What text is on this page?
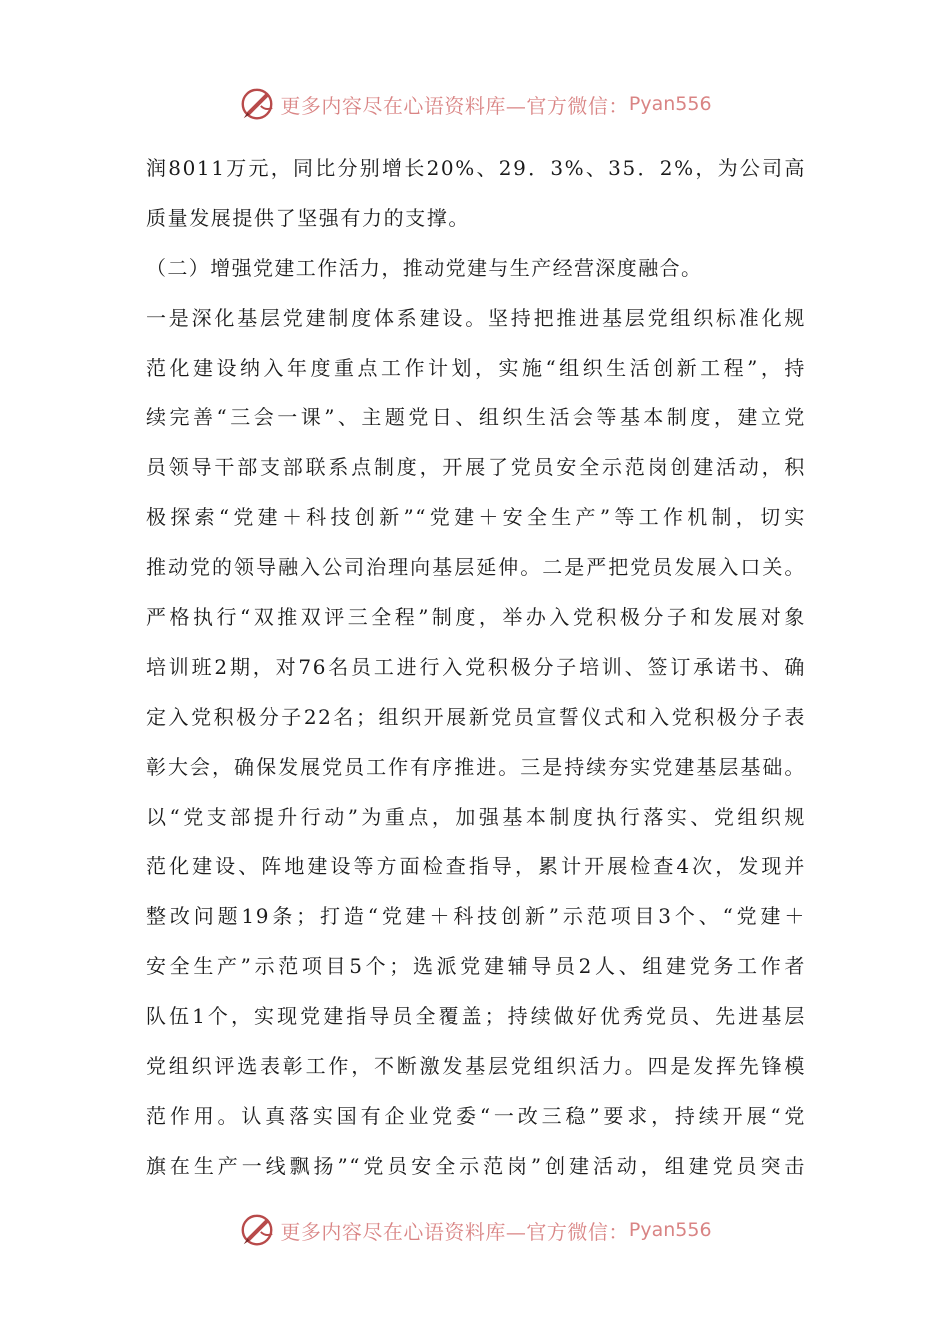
更多内容尽在心语资料库—官方微信： Pyan556
润8011万元，同比分别增长20%、29．3%、35．2%，为公司高
质量发展提供了坚强有力的支撑。
（二）增强党建工作活力，推动党建与生产经营深度融合。
一是深化基层党建制度体系建设。坚持把推进基层党组织标准化规
范化建设纳入年度重点工作计划，实施“组织生活创新工程”，持
续完善“三会一课”、主题党日、组织生活会等基本制度，建立党
员领导干部支部联系点制度，开展了党员安全示范岗创建活动，积
极探索“党建＋科技创新”“党建＋安全生产”等工作机制，切实
推动党的领导融入公司治理向基层延伸。二是严把党员发展入口关。
严格执行“双推双评三全程”制度，举办入党积极分子和发展对象
培训班2期，对76名员工进行入党积极分子培训、签订承诺书、确
定入党积极分子22名；组织开展新党员宣誓仪式和入党积极分子表
彰大会，确保发展党员工作有序推进。三是持续夯实党建基层基础。
以“党支部提升行动”为重点，加强基本制度执行落实、党组织规
范化建设、阵地建设等方面检查指导，累计开展检查4次，发现并
整改问题19条；打造“党建＋科技创新”示范项目3个、“党建＋
安全生产”示范项目5个；选派党建辅导员2人、组建党务工作者
队伍1个，实现党建指导员全覆盖；持续做好优秀党员、先进基层
党组织评选表彰工作，不断激发基层党组织活力。四是发挥先锋模
范作用。认真落实国有企业党委“一改三稳”要求，持续开展“党
旗在生产一线飘扬”“党员安全示范岗”创建活动，组建党员突击
更多内容尽在心语资料库—官方微信： Pyan556
